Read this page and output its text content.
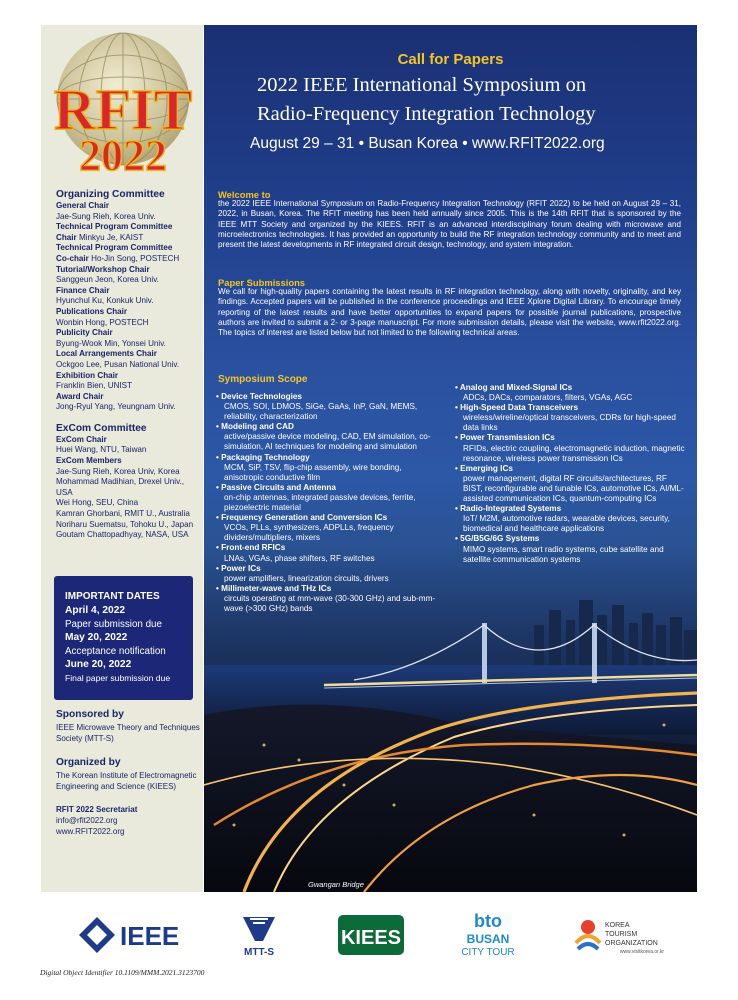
RFIT
2022
Organizing Committee
General Chair
Jae-Sung Rieh, Korea Univ.
Technical Program Committee
Chair Minkyu Je, KAIST
Technical Program Committee
Co-chair Ho-Jin Song, POSTECH
Tutorial/Workshop Chair
Sanggeun Jeon, Korea Univ.
Finance Chair
Hyunchul Ku, Konkuk Univ.
Publications Chair
Wonbin Hong, POSTECH
Publicity Chair
Byung-Wook Min, Yonsei Univ.
Local Arrangements Chair
Ockgoo Lee, Pusan National Univ.
Exhibition Chair
Franklin Bien, UNIST
Award Chair
Jong-Ryul Yang, Yeungnam Univ.
ExCom Committee
ExCom Chair
Huei Wang, NTU, Taiwan
ExCom Members
Jae-Sung Rieh, Korea Univ, Korea
Mohammad Madihian, Drexel Univ., USA
Wei Hong, SEU, China
Kamran Ghorbani, RMIT U., Australia
Noriharu Suematsu, Tohoku U., Japan
Goutam Chattopadhyay, NASA, USA
IMPORTANT DATES
April 4, 2022
Paper submission due
May 20, 2022
Acceptance notification
June 20, 2022
Final paper submission due
Sponsored by
IEEE Microwave Theory and Techniques Society (MTT-S)
Organized by
The Korean Institute of Electromagnetic Engineering and Science (KIEES)
RFIT 2022 Secretariat
info@rfit2022.org
www.RFIT2022.org
Call for Papers
2022 IEEE International Symposium on
Radio-Frequency Integration Technology
August 29 – 31 • Busan Korea • www.RFIT2022.org
Welcome to
the 2022 IEEE International Symposium on Radio-Frequency Integration Technology (RFIT 2022) to be held on August 29 – 31, 2022, in Busan, Korea. The RFIT meeting has been held annually since 2005. This is the 14th RFIT that is sponsored by the IEEE MTT Society and organized by the KIEES. RFIT is an advanced interdisciplinary forum dealing with microwave and microelectronics technologies. It has provided an opportunity to build the RF integration technology community and to meet and present the latest developments in RF integrated circuit design, technology, and system integration.
Paper Submissions
We call for high-quality papers containing the latest results in RF integration technology, along with novelty, originality, and key findings. Accepted papers will be published in the conference proceedings and IEEE Xplore Digital Library. To encourage timely reporting of the latest results and have better opportunities to expand papers for possible journal publications, prospective authors are invited to submit a 2- or 3-page manuscript. For more submission details, please visit the website, www.rfit2022.org. The topics of interest are listed below but not limited to the following technical areas.
Symposium Scope
• Device Technologies
CMOS, SOI, LDMOS, SiGe, GaAs, InP, GaN, MEMS, reliability, characterization
• Modeling and CAD
active/passive device modeling, CAD, EM simulation, co-simulation, AI techniques for modeling and simulation
• Packaging Technology
MCM, SiP, TSV, flip-chip assembly, wire bonding, anisotropic conductive film
• Passive Circuits and Antenna
on-chip antennas, integrated passive devices, ferrite, piezoelectric material
• Frequency Generation and Conversion ICs
VCOs, PLLs, synthesizers, ADPLLs, frequency dividers/multipliers, mixers
• Front-end RFICs
LNAs, VGAs, phase shifters, RF switches
• Power ICs
power amplifiers, linearization circuits, drivers
• Millimeter-wave and THz ICs
circuits operating at mm-wave (30-300 GHz) and sub-mm-wave (>300 GHz) bands
• Analog and Mixed-Signal ICs
ADCs, DACs, comparators, filters, VGAs, AGC
• High-Speed Data Transceivers
wireless/wireline/optical transceivers, CDRs for high-speed data links
• Power Transmission ICs
RFIDs, electric coupling, electromagnetic induction, magnetic resonance, wireless power transmission ICs
• Emerging ICs
power management, digital RF circuits/architectures, RF BIST, reconfigurable and tunable ICs, automotive ICs, AI/ML-assisted communication ICs, quantum-computing ICs
• Radio-Integrated Systems
IoT/ M2M, automotive radars, wearable devices, security, biomedical and healthcare applications
• 5G/B5G/6G Systems
MIMO systems, smart radio systems, cube satellite and satellite communication systems
Gwangan Bridge
IEEE
MTT-S
KIEES
bto
BUSAN
CITY TOUR
KOREA
TOURISM
ORGANIZATION
www.visitkorea.or.kr
Digital Object Identifier 10.1109/MMM.2021.3123700
